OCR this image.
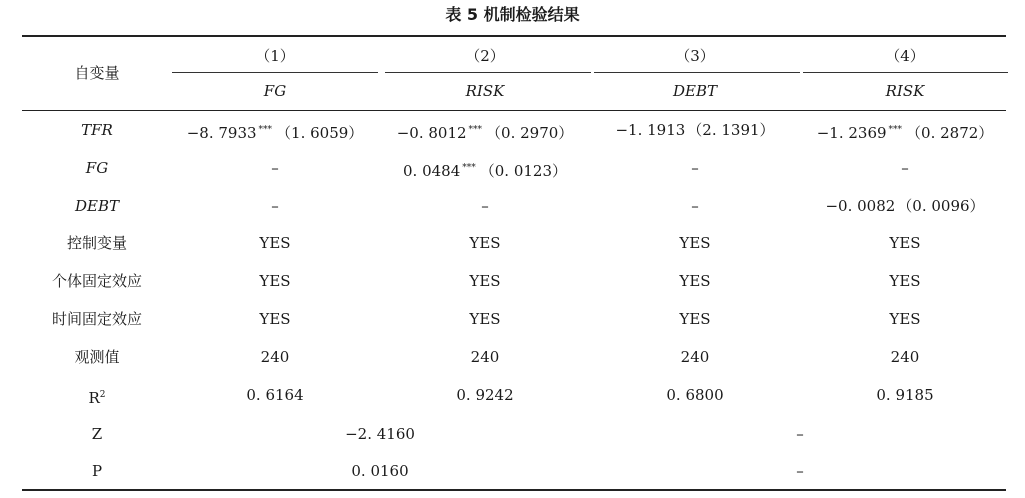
表 5 机制检验结果
自变量
（1）	（2）	（3）	（4）
FG	RISK	DEBT	RISK
TFR	−8. 7933 *** （1. 6059）	−0. 8012 *** （0. 2970）	−1. 1913 （2. 1391）	−1. 2369 *** （0. 2872）
FG	–	0. 0484 *** （0. 0123）	–	–
DEBT	–	–	–	−0. 0082 （0. 0096）
控制变量	YES	YES	YES	YES
个体固定效应	YES	YES	YES	YES
时间固定效应	YES	YES	YES	YES
观测值	240	240	240	240
$R^2$	0. 6164	0. 9242	0. 6800	0. 9185
Z	−2. 4160	–
P	0. 0160	–
